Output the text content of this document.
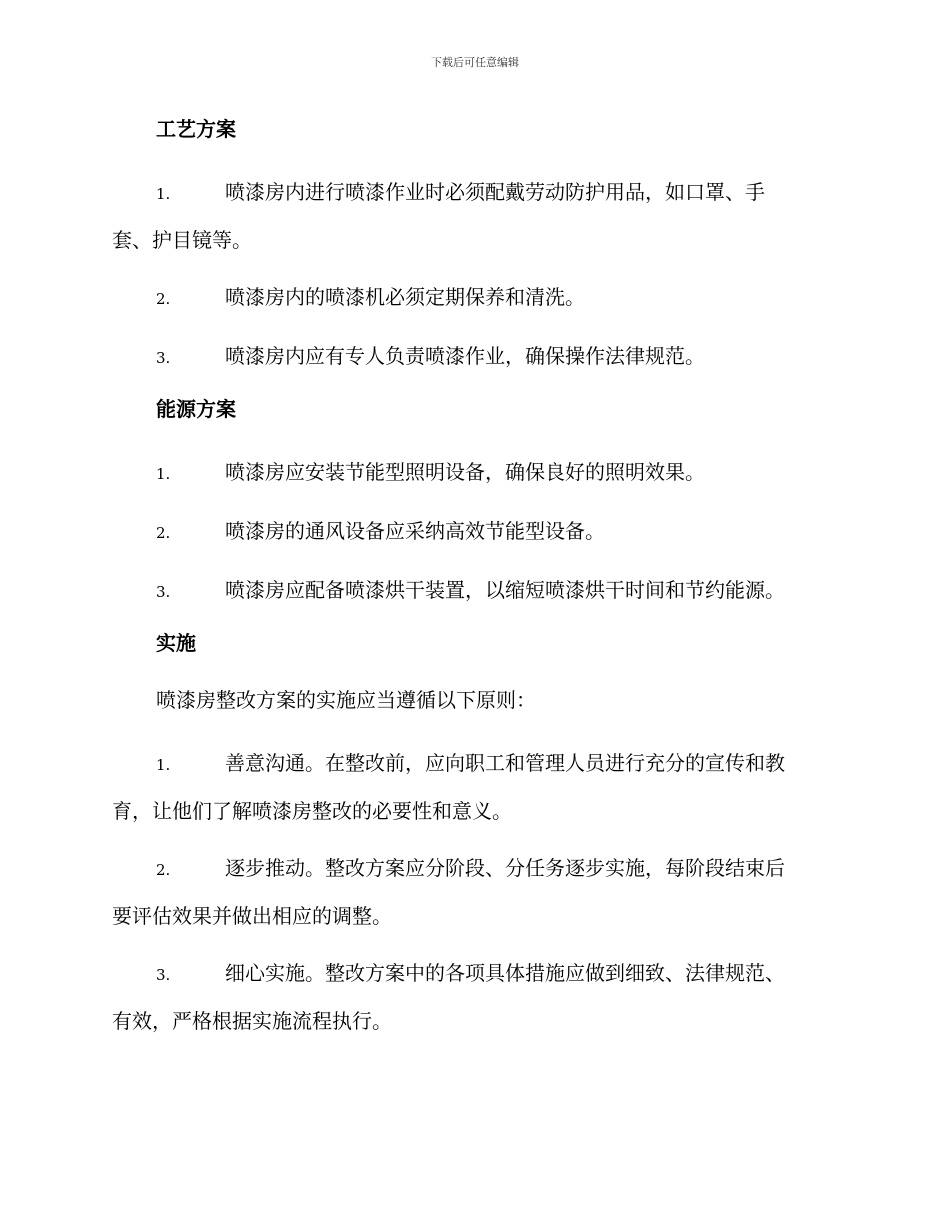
下载后可任意编辑
工艺方案
1.	喷漆房内进行喷漆作业时必须配戴劳动防护用品，如口罩、手
套、护目镜等。
2.	喷漆房内的喷漆机必须定期保养和清洗。
3.	喷漆房内应有专人负责喷漆作业，确保操作法律规范。
能源方案
1.	喷漆房应安装节能型照明设备，确保良好的照明效果。
2.	喷漆房的通风设备应采纳高效节能型设备。
3.	喷漆房应配备喷漆烘干装置，以缩短喷漆烘干时间和节约能源。
实施
喷漆房整改方案的实施应当遵循以下原则：
1.	善意沟通。在整改前，应向职工和管理人员进行充分的宣传和教
育，让他们了解喷漆房整改的必要性和意义。
2.	逐步推动。整改方案应分阶段、分任务逐步实施，每阶段结束后
要评估效果并做出相应的调整。
3.	细心实施。整改方案中的各项具体措施应做到细致、法律规范、
有效，严格根据实施流程执行。
